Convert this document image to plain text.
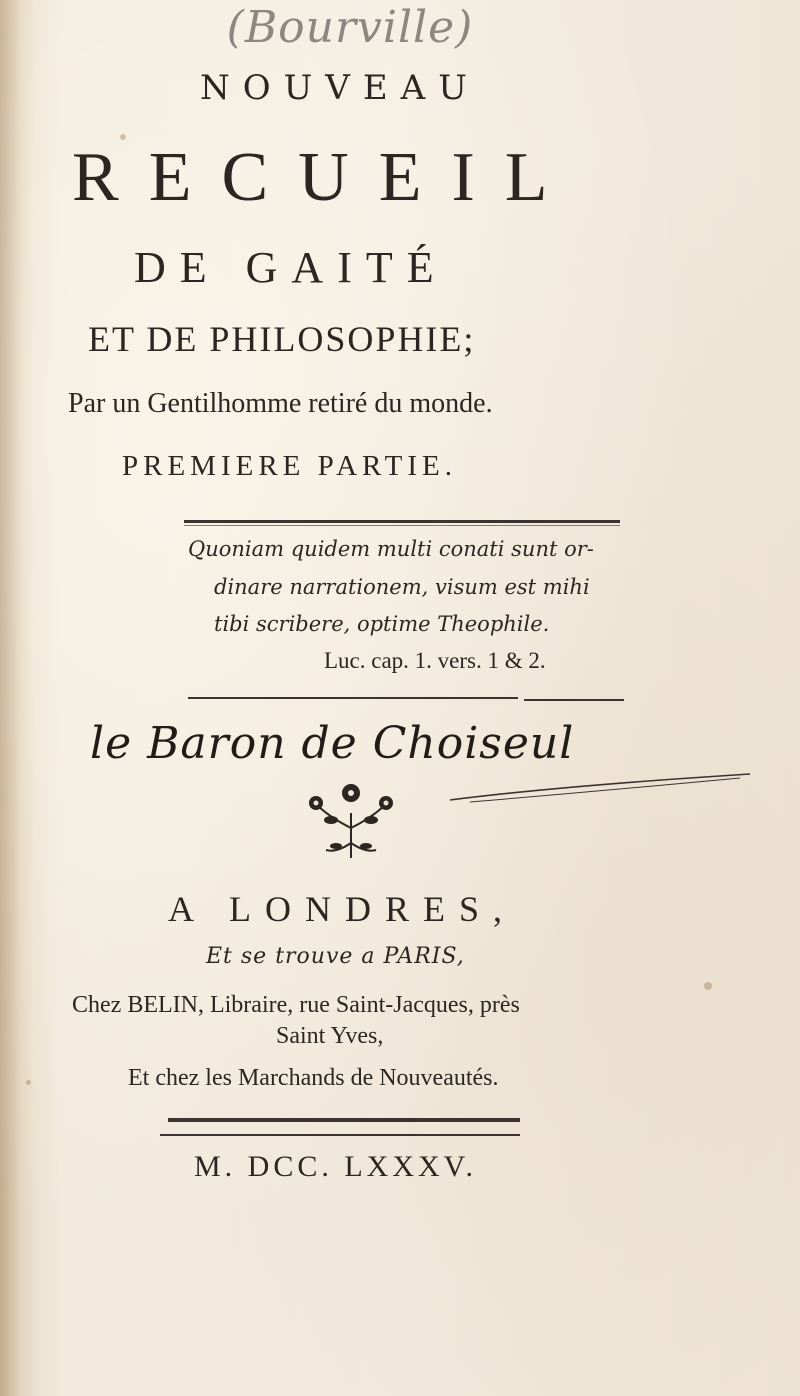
(Bourville)
NOUVEAU
RECUEIL
DE GAITÉ
ET DE PHILOSOPHIE;
Par un Gentilhomme retiré du monde.
PREMIERE PARTIE.
Quoniam quidem multi conati sunt or-
dinare narrationem, visum est mihi
tibi scribere, optime Theophile.
Luc. cap. 1. vers. 1 & 2.
le Baron de Choiseul
A LONDRES,
Et se trouve a PARIS,
Chez BELIN, Libraire, rue Saint-Jacques, près
Saint Yves,
Et chez les Marchands de Nouveautés.
M. DCC. LXXXV.
